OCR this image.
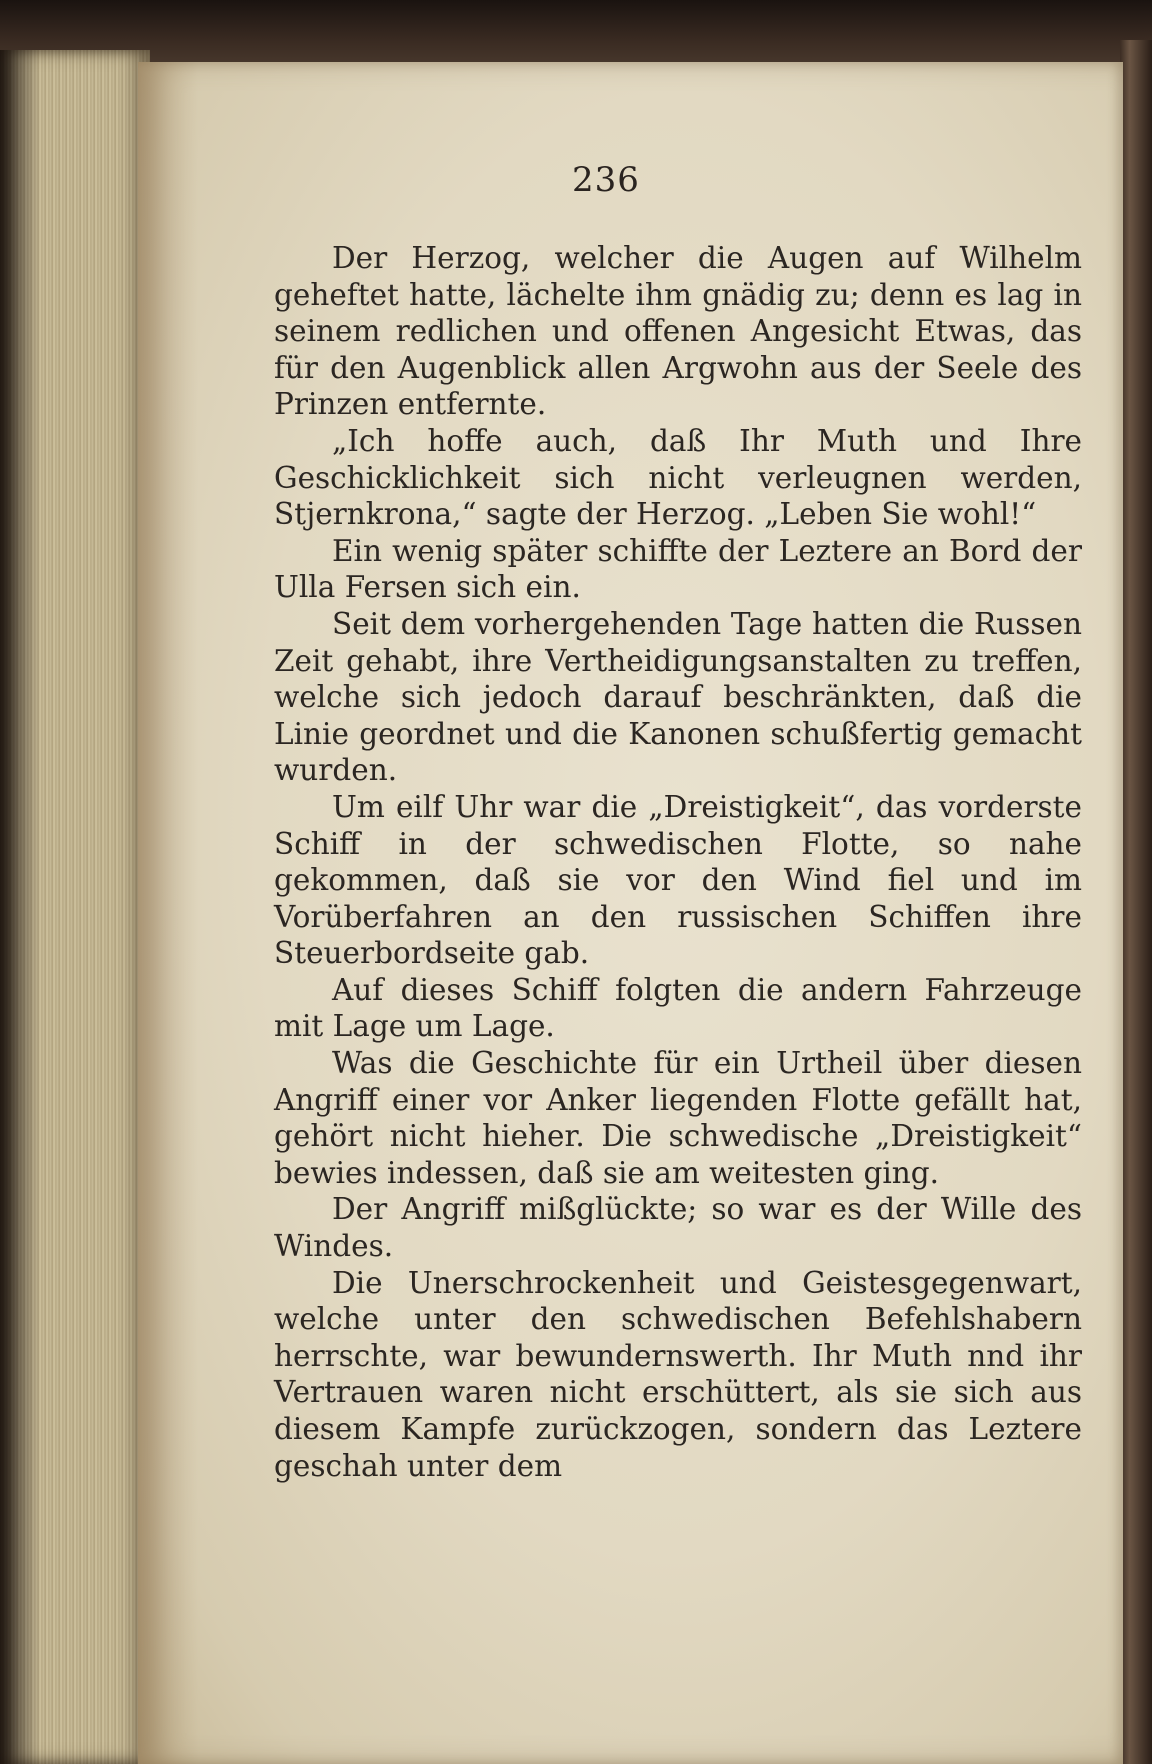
236

Der Herzog, welcher die Augen auf Wilhelm geheftet hatte, lächelte ihm gnädig zu; denn es lag in seinem redlichen und offenen Angesicht Etwas, das für den Augenblick allen Argwohn aus der Seele des Prinzen entfernte.

„Ich hoffe auch, daß Ihr Muth und Ihre Geschicklichkeit sich nicht verleugnen werden, Stjernkrona,“ sagte der Herzog. „Leben Sie wohl!“

Ein wenig später schiffte der Leztere an Bord der Ulla Fersen sich ein.

Seit dem vorhergehenden Tage hatten die Russen Zeit gehabt, ihre Vertheidigungsanstalten zu treffen, welche sich jedoch darauf beschränkten, daß die Linie geordnet und die Kanonen schußfertig gemacht wurden.

Um eilf Uhr war die „Dreistigkeit“, das vorderste Schiff in der schwedischen Flotte, so nahe gekommen, daß sie vor den Wind fiel und im Vorüberfahren an den russischen Schiffen ihre Steuerbordseite gab.

Auf dieses Schiff folgten die andern Fahrzeuge mit Lage um Lage.

Was die Geschichte für ein Urtheil über diesen Angriff einer vor Anker liegenden Flotte gefällt hat, gehört nicht hieher. Die schwedische „Dreistigkeit“ bewies indessen, daß sie am weitesten ging.

Der Angriff mißglückte; so war es der Wille des Windes.

Die Unerschrockenheit und Geistesgegenwart, welche unter den schwedischen Befehlshabern herrschte, war bewundernswerth. Ihr Muth nnd ihr Vertrauen waren nicht erschüttert, als sie sich aus diesem Kampfe zurückzogen, sondern das Leztere geschah unter dem
